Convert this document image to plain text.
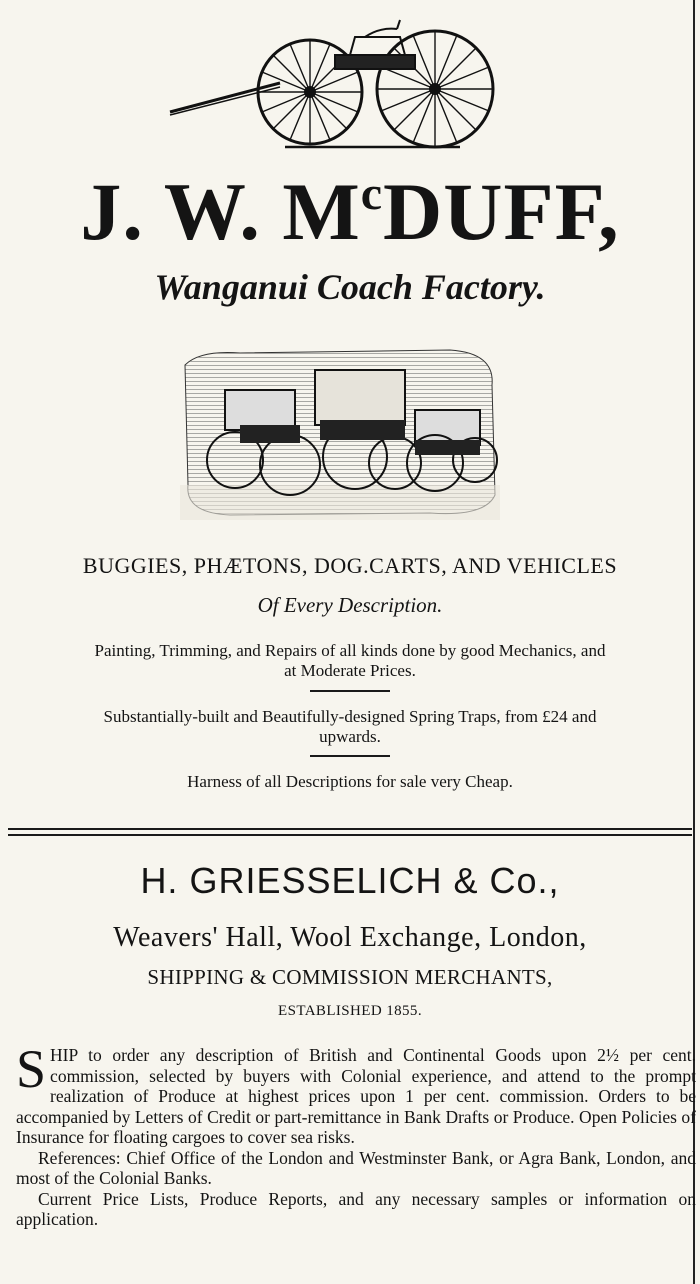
J. W. $M^cDUFF$,
Wanganui Coach Factory.
BUGGIES, PHÆTONS, DOG.CARTS, AND VEHICLES
Of Every Description.
Painting, Trimming, and Repairs of all kinds done by good Mechanics, and
at Moderate Prices.
Substantially-built and Beautifully-designed Spring Traps, from £24 and
upwards.
Harness of all Descriptions for sale very Cheap.
H. GRIESSELICH & Co.,
Weavers' Hall, Wool Exchange, London,
SHIPPING & COMMISSION MERCHANTS,
ESTABLISHED 1855.

SHIP to order any description of British and Continental Goods upon 2½ per cent. commission, selected by buyers with Colonial experience, and attend to the prompt realization of Produce at highest prices upon 1 per cent. commission. Orders to be accompanied by Letters of Credit or part-remittance in Bank Drafts or Produce. Open Policies of Insurance for floating cargoes to cover sea risks.

References: Chief Office of the London and Westminster Bank, or Agra Bank, London, and most of the Colonial Banks.

Current Price Lists, Produce Reports, and any necessary samples or information on application.
